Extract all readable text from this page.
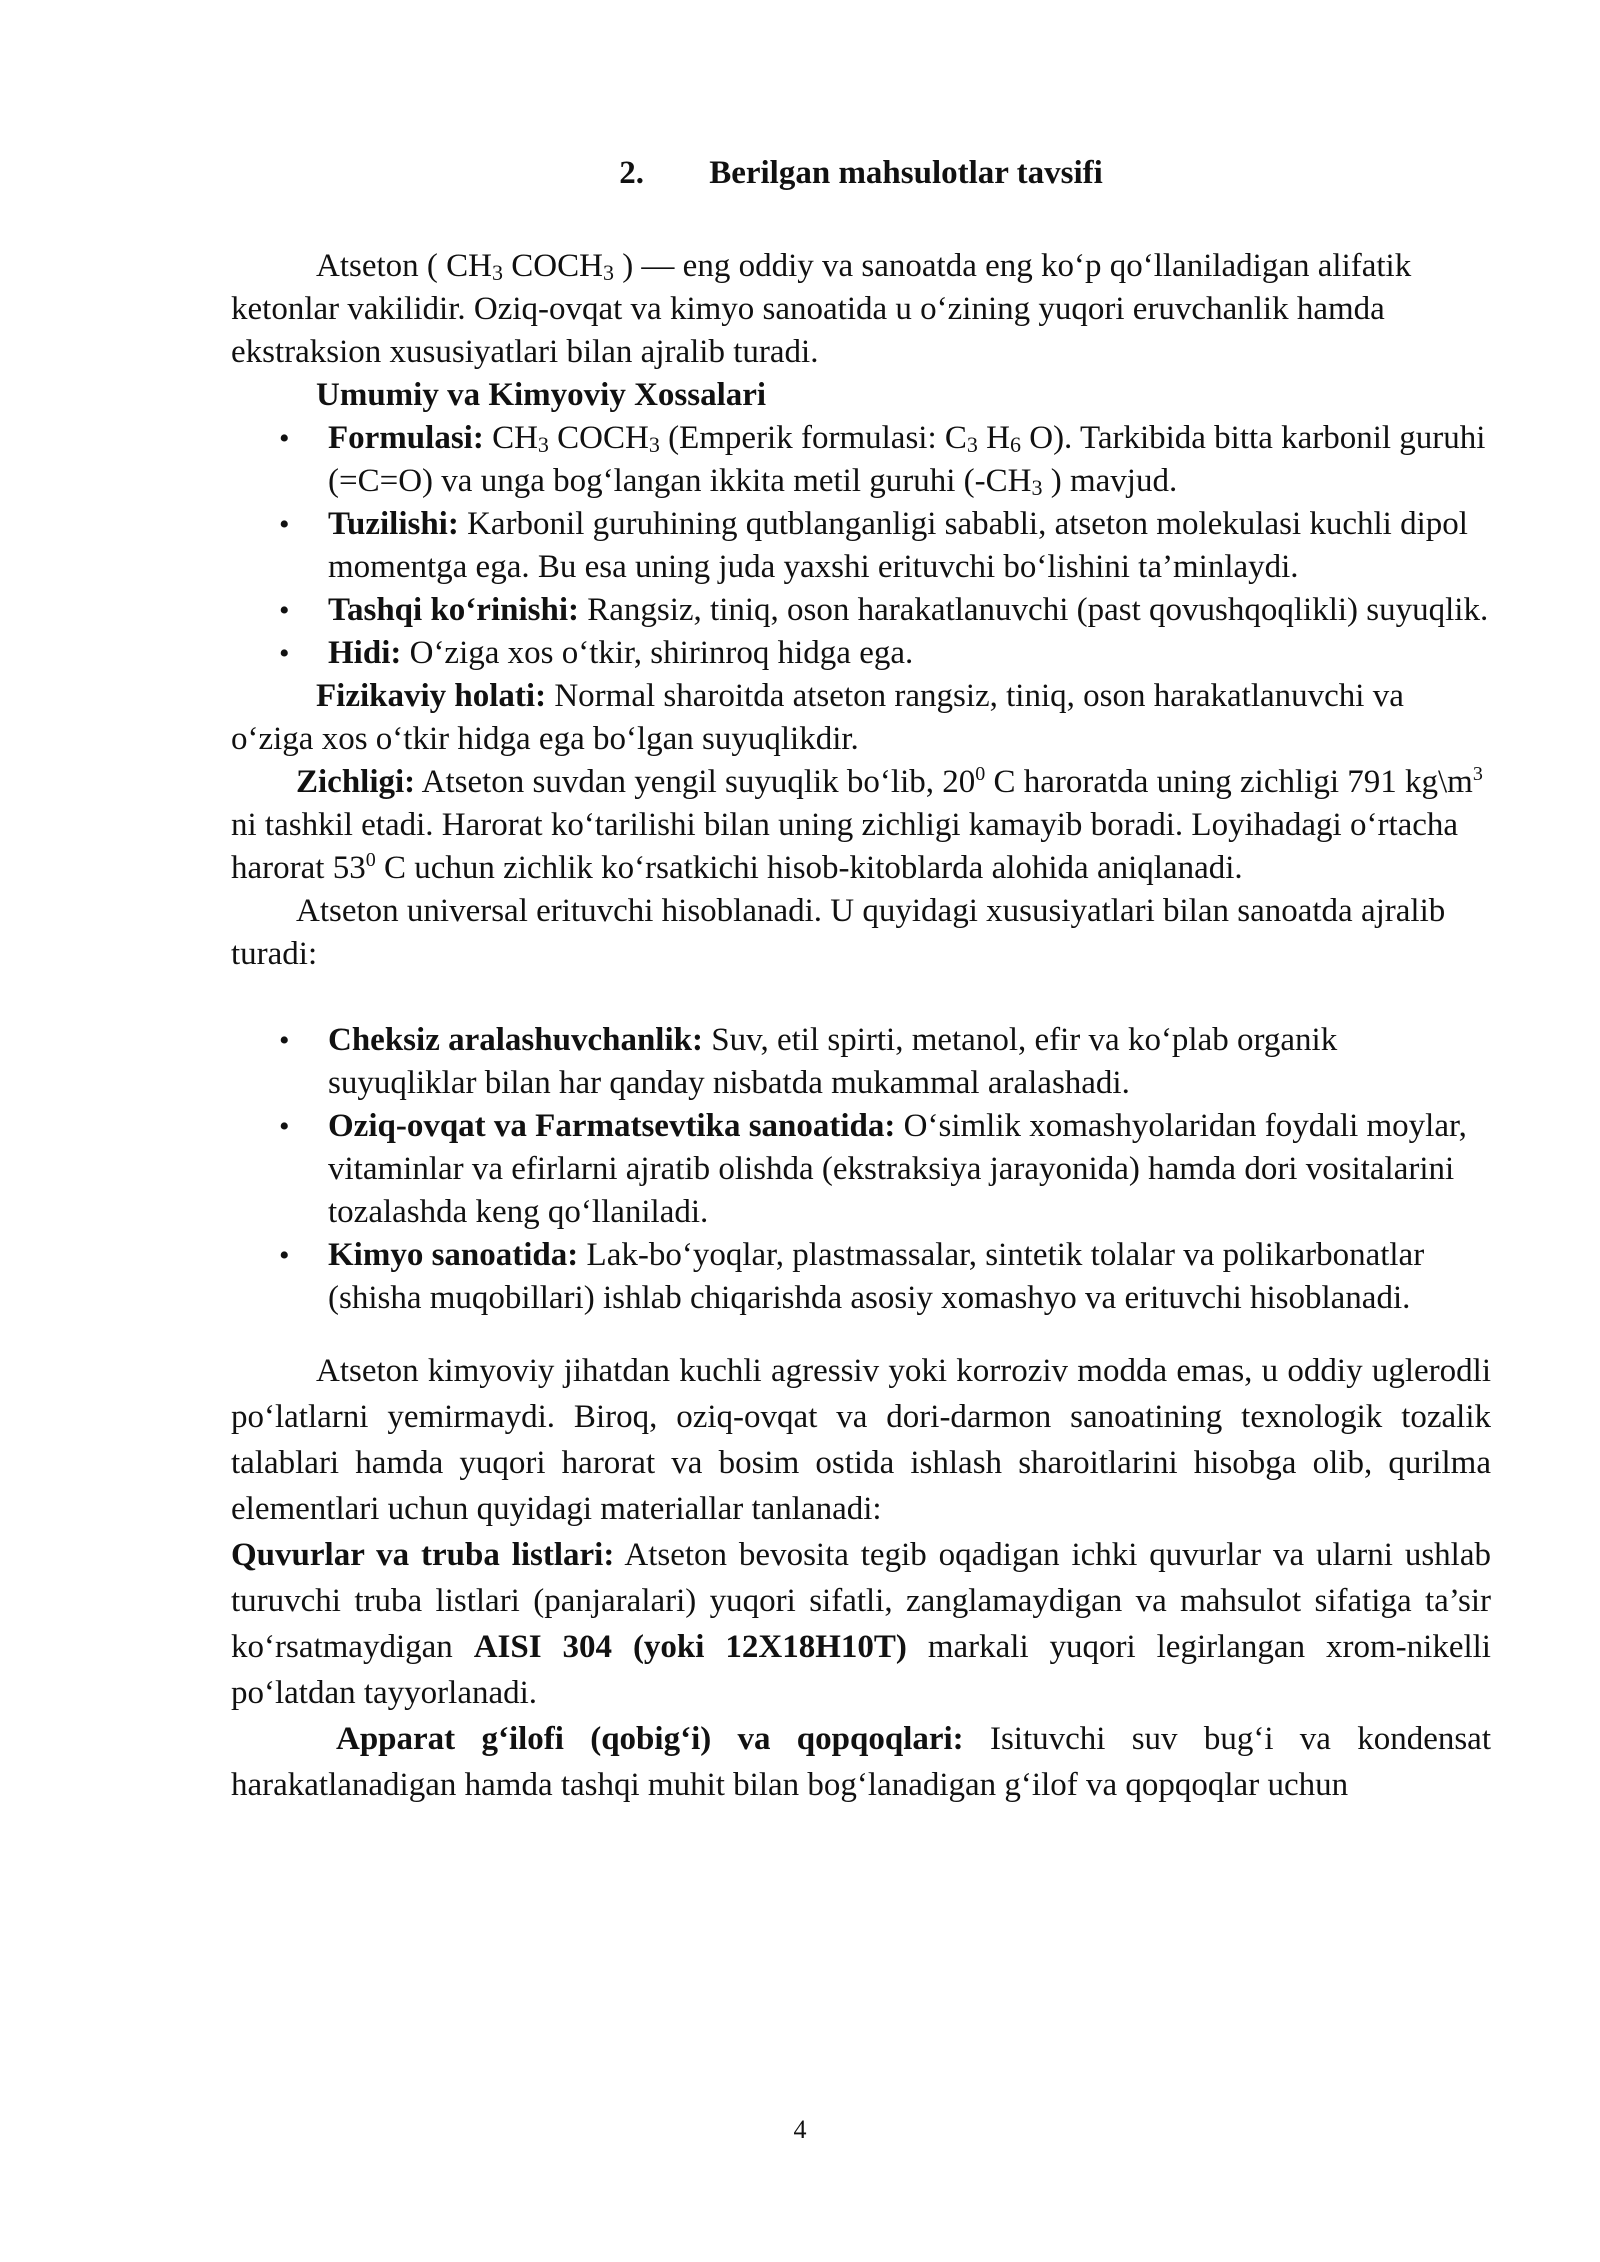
2. Berilgan mahsulotlar tavsifi

Atseton ( $CH_3$ $COCH_3$ ) — eng oddiy va sanoatda eng ko‘p qo‘llaniladigan alifatik ketonlar vakilidir. Oziq-ovqat va kimyo sanoatida u o‘zining yuqori eruvchanlik hamda ekstraksion xususiyatlari bilan ajralib turadi.

Umumiy va Kimyoviy Xossalari

• Formulasi: $CH_3$ $COCH_3$ (Emperik formulasi: $C_3$ $H_6$ O). Tarkibida bitta karbonil guruhi (=C=O) va unga bog‘langan ikkita metil guruhi ($-CH_3$ ) mavjud.
• Tuzilishi: Karbonil guruhining qutblanganligi sababli, atseton molekulasi kuchli dipol momentga ega. Bu esa uning juda yaxshi erituvchi bo‘lishini ta’minlaydi.
• Tashqi ko‘rinishi: Rangsiz, tiniq, oson harakatlanuvchi (past qovushqoqlikli) suyuqlik.
• Hidi: O‘ziga xos o‘tkir, shirinroq hidga ega.

Fizikaviy holati: Normal sharoitda atseton rangsiz, tiniq, oson harakatlanuvchi va o‘ziga xos o‘tkir hidga ega bo‘lgan suyuqlikdir.

Zichligi: Atseton suvdan yengil suyuqlik bo‘lib, $20^0$ C haroratda uning zichligi 791 $kg\backslash m^3$ ni tashkil etadi. Harorat ko‘tarilishi bilan uning zichligi kamayib boradi. Loyihadagi o‘rtacha harorat $53^0$ C uchun zichlik ko‘rsatkichi hisob-kitoblarda alohida aniqlanadi.

Atseton universal erituvchi hisoblanadi. U quyidagi xususiyatlari bilan sanoatda ajralib turadi:

• Cheksiz aralashuvchanlik: Suv, etil spirti, metanol, efir va ko‘plab organik suyuqliklar bilan har qanday nisbatda mukammal aralashadi.
• Oziq-ovqat va Farmatsevtika sanoatida: O‘simlik xomashyolaridan foydali moylar, vitaminlar va efirlarni ajratib olishda (ekstraksiya jarayonida) hamda dori vositalarini tozalashda keng qo‘llaniladi.
• Kimyo sanoatida: Lak-bo‘yoqlar, plastmassalar, sintetik tolalar va polikarbonatlar (shisha muqobillari) ishlab chiqarishda asosiy xomashyo va erituvchi hisoblanadi.

Atseton kimyoviy jihatdan kuchli agressiv yoki korroziv modda emas, u oddiy uglerodli po‘latlarni yemirmaydi. Biroq, oziq-ovqat va dori-darmon sanoatining texnologik tozalik talablari hamda yuqori harorat va bosim ostida ishlash sharoitlarini hisobga olib, qurilma elementlari uchun quyidagi materiallar tanlanadi:

Quvurlar va truba listlari: Atseton bevosita tegib oqadigan ichki quvurlar va ularni ushlab turuvchi truba listlari (panjaralari) yuqori sifatli, zanglamaydigan va mahsulot sifatiga ta’sir ko‘rsatmaydigan AISI 304 (yoki 12X18H10T) markali yuqori legirlangan xrom-nikelli po‘latdan tayyorlanadi.

Apparat g‘ilofi (qobig‘i) va qopqoqlari: Isituvchi suv bug‘i va kondensat harakatlanadigan hamda tashqi muhit bilan bog‘lanadigan g‘ilof va qopqoqlar uchun

4
